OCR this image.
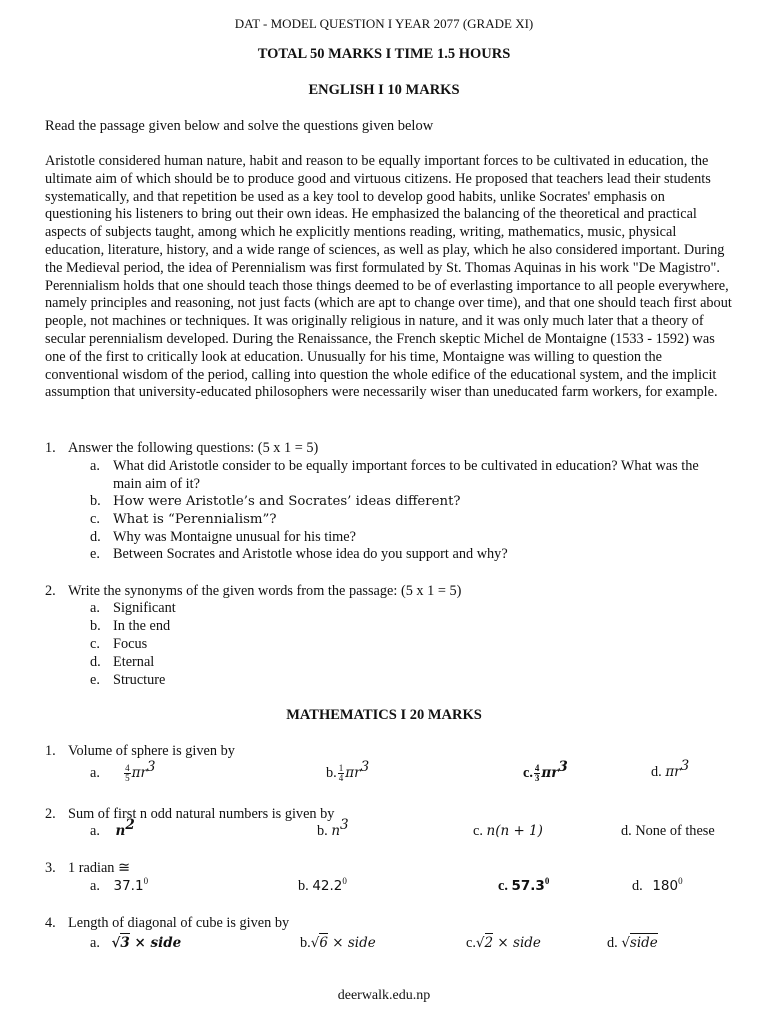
DAT - MODEL QUESTION I YEAR 2077 (GRADE XI)
TOTAL 50 MARKS I TIME 1.5 HOURS
ENGLISH I 10 MARKS
Read the passage given below and solve the questions given below

Aristotle considered human nature, habit and reason to be equally important forces to be cultivated in education, the ultimate aim of which should be to produce good and virtuous citizens. He proposed that teachers lead their students systematically, and that repetition be used as a key tool to develop good habits, unlike Socrates' emphasis on questioning his listeners to bring out their own ideas. He emphasized the balancing of the theoretical and practical aspects of subjects taught, among which he explicitly mentions reading, writing, mathematics, music, physical education, literature, history, and a wide range of sciences, as well as play, which he also considered important. During the Medieval period, the idea of Perennialism was first formulated by St. Thomas Aquinas in his work "De Magistro". Perennialism holds that one should teach those things deemed to be of everlasting importance to all people everywhere, namely principles and reasoning, not just facts (which are apt to change over time), and that one should teach first about people, not machines or techniques. It was originally religious in nature, and it was only much later that a theory of secular perennialism developed. During the Renaissance, the French skeptic Michel de Montaigne (1533 - 1592) was one of the first to critically look at education. Unusually for his time, Montaigne was willing to question the conventional wisdom of the period, calling into question the whole edifice of the educational system, and the implicit assumption that university-educated philosophers were necessarily wiser than uneducated farm workers, for example.

1. Answer the following questions: (5 x 1 = 5)
a. What did Aristotle consider to be equally important forces to be cultivated in education? What was the main aim of it?
b. How were Aristotle’s and Socrates’ ideas different?
c. What is “Perennialism”?
d. Why was Montaigne unusual for his time?
e. Between Socrates and Aristotle whose idea do you support and why?
2. Write the synonyms of the given words from the passage: (5 x 1 = 5)
a. Significant
b. In the end
c. Focus
d. Eternal
e. Structure
MATHEMATICS I 20 MARKS
1. Volume of sphere is given by
a.	$\frac{4}{5} \pi r^3$	b. $\frac{1}{4} \pi r^3$	c. $\frac{4}{3} \pi r^3$	d. $\pi r^3$
2. Sum of first n odd natural numbers is given by
a. $n^2$	b. $n^3$	c. n(n + 1)	d. None of these
3. 1 radian ≅
a. 37.1$^0$	b. 42.2$^0$	c. 57.3$^0$	d. $180^0$
4. Length of diagonal of cube is given by
a. √3 × side	b.√6 × side	c.√2 × side	d. √side
deerwalk.edu.np
